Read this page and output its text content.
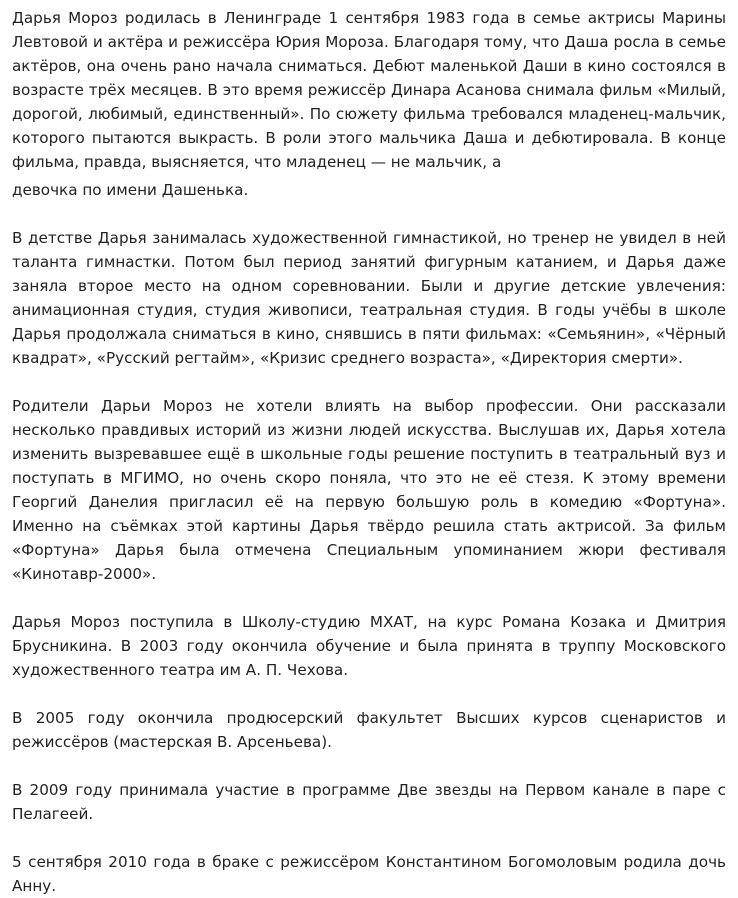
Дарья Мороз родилась в Ленинграде 1 сентября 1983 года в семье актрисы Марины Левтовой и актёра и режиссёра Юрия Мороза. Благодаря тому, что Даша росла в семье актёров, она очень рано начала сниматься. Дебют маленькой Даши в кино состоялся в возрасте трёх месяцев. В это время режиссёр Динара Асанова снимала фильм «Милый, дорогой, любимый, единственный». По сюжету фильма требовался младенец-мальчик, которого пытаются выкрасть. В роли этого мальчика Даша и дебютировала. В конце фильма, правда, выясняется, что младенец — не мальчик, а
девочка по имени Дашенька.

В детстве Дарья занималась художественной гимнастикой, но тренер не увидел в ней таланта гимнастки. Потом был период занятий фигурным катанием, и Дарья даже заняла второе место на одном соревновании. Были и другие детские увлечения: анимационная студия, студия живописи, театральная студия. В годы учёбы в школе Дарья продолжала сниматься в кино, снявшись в пяти фильмах: «Семьянин», «Чёрный квадрат», «Русский регтайм», «Кризис среднего возраста», «Директория смерти».

Родители Дарьи Мороз не хотели влиять на выбор профессии. Они рассказали несколько правдивых историй из жизни людей искусства. Выслушав их, Дарья хотела изменить вызревавшее ещё в школьные годы решение поступить в театральный вуз и поступать в МГИМО, но очень скоро поняла, что это не её стезя. К этому времени Георгий Данелия пригласил её на первую большую роль в комедию «Фортуна». Именно на съёмках этой картины Дарья твёрдо решила стать актрисой. За фильм «Фортуна» Дарья была отмечена Специальным упоминанием жюри фестиваля «Кинотавр-2000».

Дарья Мороз поступила в Школу-студию МХАТ, на курс Романа Козака и Дмитрия Брусникина. В 2003 году окончила обучение и была принята в труппу Московского художественного театра им А. П. Чехова.

В 2005 году окончила продюсерский факультет Высших курсов сценаристов и режиссёров (мастерская В. Арсеньева).

В 2009 году принимала участие в программе Две звезды на Первом канале в паре с Пелагеей.

5 сентября 2010 года в браке с режиссёром Константином Богомоловым родила дочь Анну.
